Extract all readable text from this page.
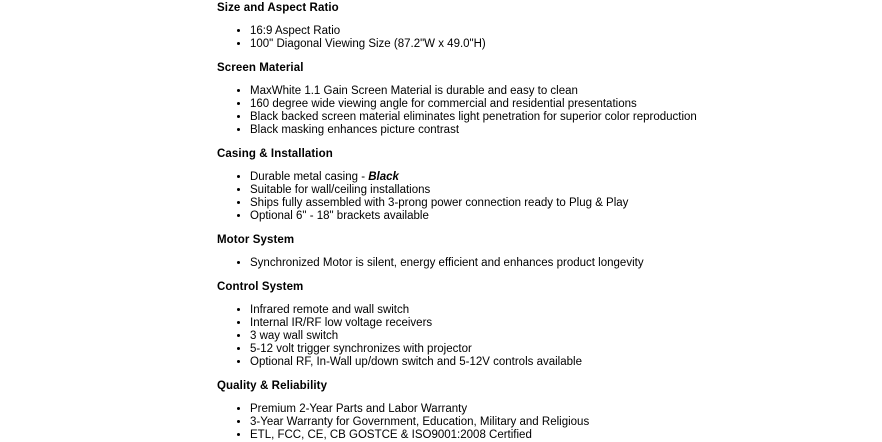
Size and Aspect Ratio
• 16:9 Aspect Ratio
• 100" Diagonal Viewing Size (87.2"W x 49.0"H)
Screen Material
• MaxWhite 1.1 Gain Screen Material is durable and easy to clean
• 160 degree wide viewing angle for commercial and residential presentations
• Black backed screen material eliminates light penetration for superior color reproduction
• Black masking enhances picture contrast
Casing & Installation
• Durable metal casing - Black
• Suitable for wall/ceiling installations
• Ships fully assembled with 3-prong power connection ready to Plug & Play
• Optional 6" - 18" brackets available
Motor System
• Synchronized Motor is silent, energy efficient and enhances product longevity
Control System
• Infrared remote and wall switch
• Internal IR/RF low voltage receivers
• 3 way wall switch
• 5-12 volt trigger synchronizes with projector
• Optional RF, In-Wall up/down switch and 5-12V controls available
Quality & Reliability
• Premium 2-Year Parts and Labor Warranty
• 3-Year Warranty for Government, Education, Military and Religious
• ETL, FCC, CE, CB GOSTCE & ISO9001:2008 Certified
